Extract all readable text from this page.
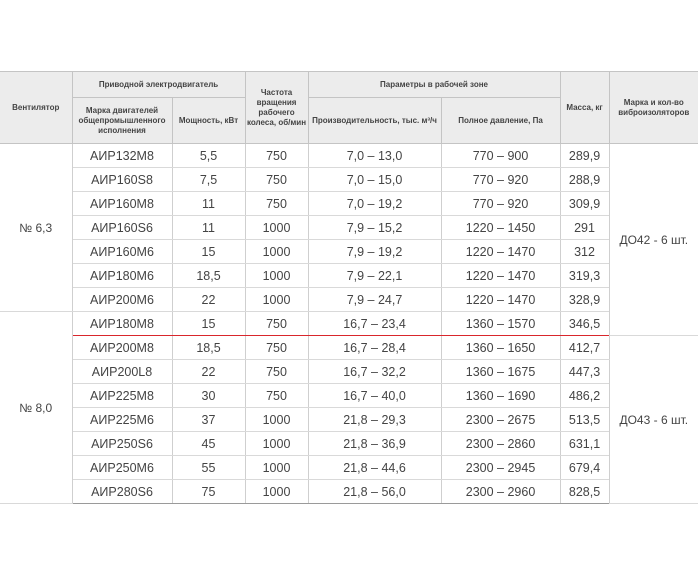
Вентилятор	Приводной электродвигатель		Частота вращения рабочего колеса, об/мин	Параметры в рабочей зоне		Масса, кг	Марка и кол-во виброизоляторов
	Марка двигателей общепромышленного исполнения	Мощность, кВт		Производительность, тыс. м³/ч	Полное давление, Па		
№ 6,3	АИР132М8	5,5	750	7,0 – 13,0	770 – 900	289,9	ДО42 - 6 шт.
	АИР160S8	7,5	750	7,0 – 15,0	770 – 920	288,9	
	АИР160М8	11	750	7,0 – 19,2	770 – 920	309,9	
	АИР160S6	11	1000	7,9 – 15,2	1220 – 1450	291	
	АИР160М6	15	1000	7,9 – 19,2	1220 – 1470	312	
	АИР180М6	18,5	1000	7,9 – 22,1	1220 – 1470	319,3	
	АИР200М6	22	1000	7,9 – 24,7	1220 – 1470	328,9	
№ 8,0	АИР180М8	15	750	16,7 – 23,4	1360 – 1570	346,5	
	АИР200М8	18,5	750	16,7 – 28,4	1360 – 1650	412,7	ДО43 - 6 шт.
	АИР200L8	22	750	16,7 – 32,2	1360 – 1675	447,3	
	АИР225М8	30	750	16,7 – 40,0	1360 – 1690	486,2	
	АИР225М6	37	1000	21,8 – 29,3	2300 – 2675	513,5	
	АИР250S6	45	1000	21,8 – 36,9	2300 – 2860	631,1	
	АИР250М6	55	1000	21,8 – 44,6	2300 – 2945	679,4	
	АИР280S6	75	1000	21,8 – 56,0	2300 – 2960	828,5	
